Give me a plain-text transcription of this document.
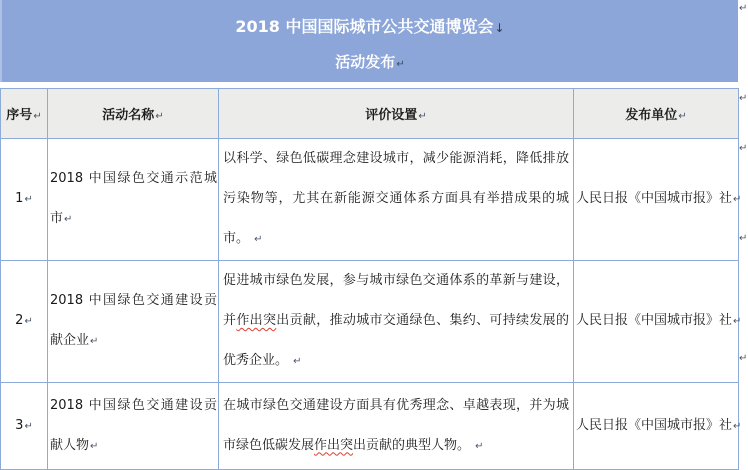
2018 中国国际城市公共交通博览会↓
活动发布↵
序号↵	活动名称↵	评价设置↵	发布单位↵
1↵	2018 中国绿色交通示范城市↵	以科学、绿色低碳理念建设城市，减少能源消耗，降低排放污染物等，尤其在新能源交通体系方面具有举措成果的城市。 ↵	人民日报《中国城市报》社↵
2↵	2018 中国绿色交通建设贡献企业↵	促进城市绿色发展，参与城市绿色交通体系的革新与建设，并作出突出贡献，推动城市交通绿色、集约、可持续发展的优秀企业。 ↵	人民日报《中国城市报》社↵
3↵	2018 中国绿色交通建设贡献人物↵	在城市绿色交通建设方面具有优秀理念、卓越表现，并为城市绿色低碳发展作出突出贡献的典型人物。 ↵	人民日报《中国城市报》社↵
↵
↵
↵
↵
↵
